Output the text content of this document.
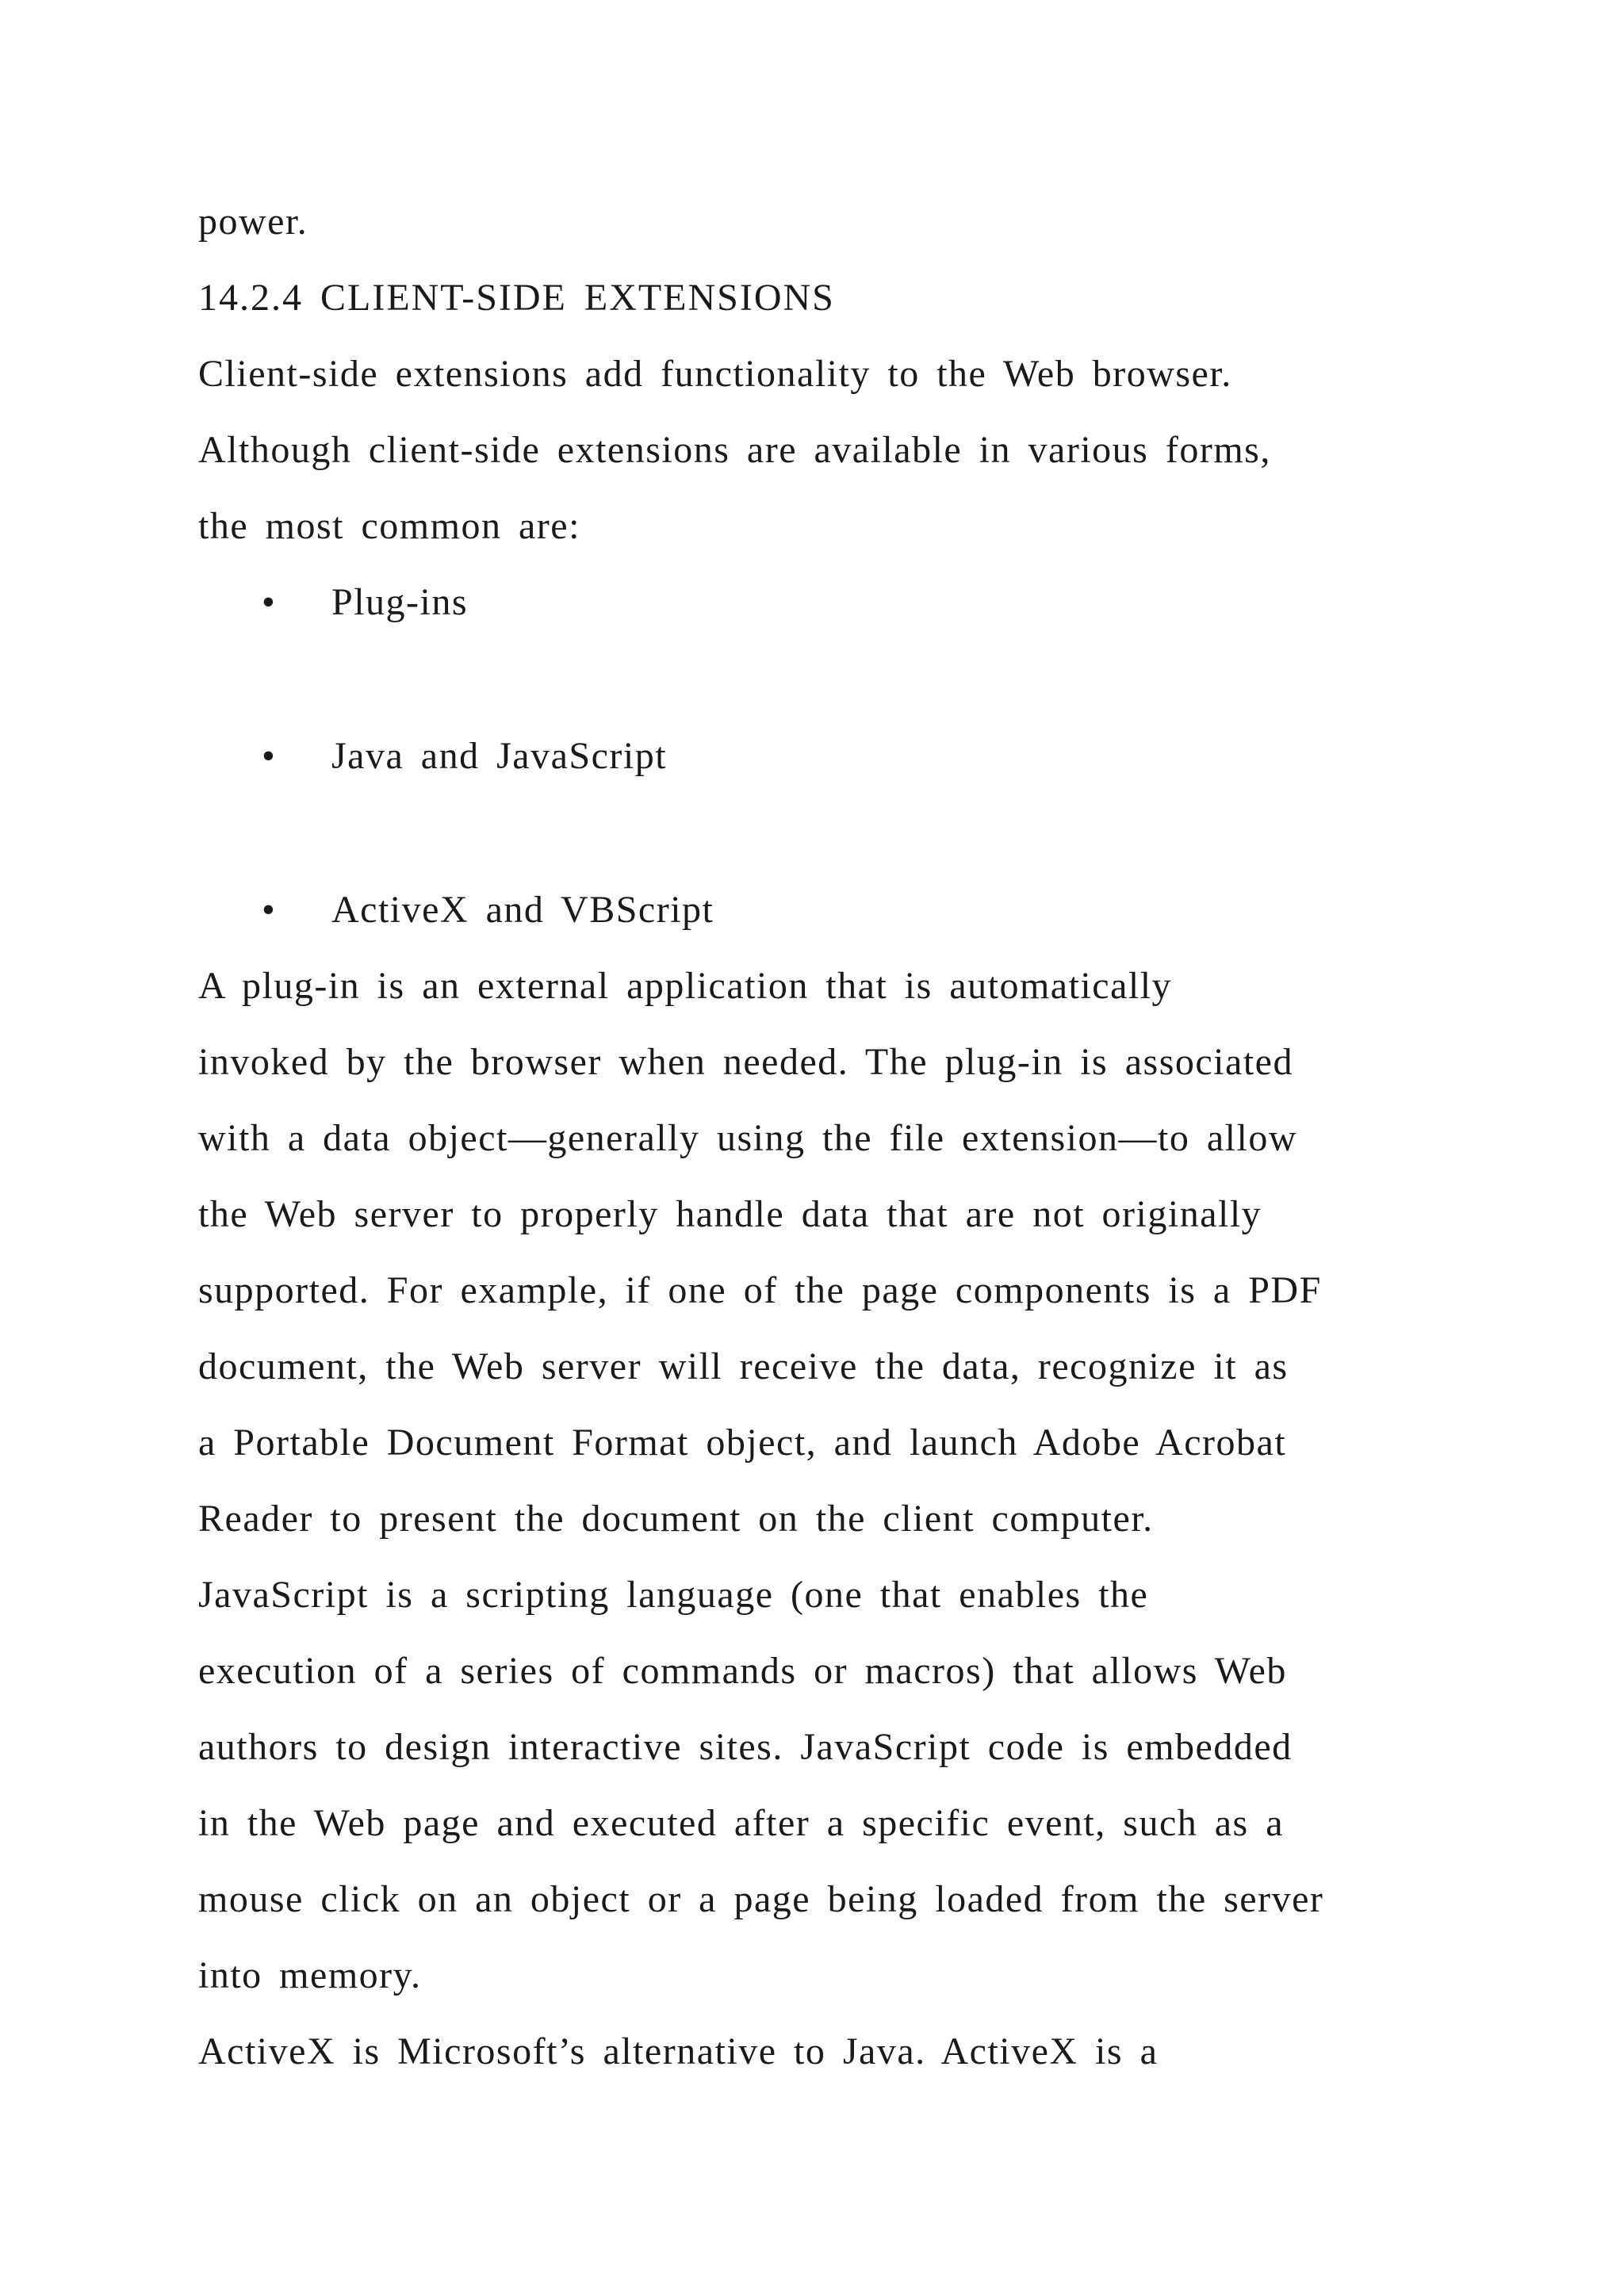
power.
14.2.4 CLIENT-SIDE EXTENSIONS
Client-side extensions add functionality to the Web browser.
Although client-side extensions are available in various forms,
the most common are:
• Plug-ins
• Java and JavaScript
• ActiveX and VBScript
A plug-in is an external application that is automatically
invoked by the browser when needed. The plug-in is associated
with a data object—generally using the file extension—to allow
the Web server to properly handle data that are not originally
supported. For example, if one of the page components is a PDF
document, the Web server will receive the data, recognize it as
a Portable Document Format object, and launch Adobe Acrobat
Reader to present the document on the client computer.
JavaScript is a scripting language (one that enables the
execution of a series of commands or macros) that allows Web
authors to design interactive sites. JavaScript code is embedded
in the Web page and executed after a specific event, such as a
mouse click on an object or a page being loaded from the server
into memory.
ActiveX is Microsoft’s alternative to Java. ActiveX is a
